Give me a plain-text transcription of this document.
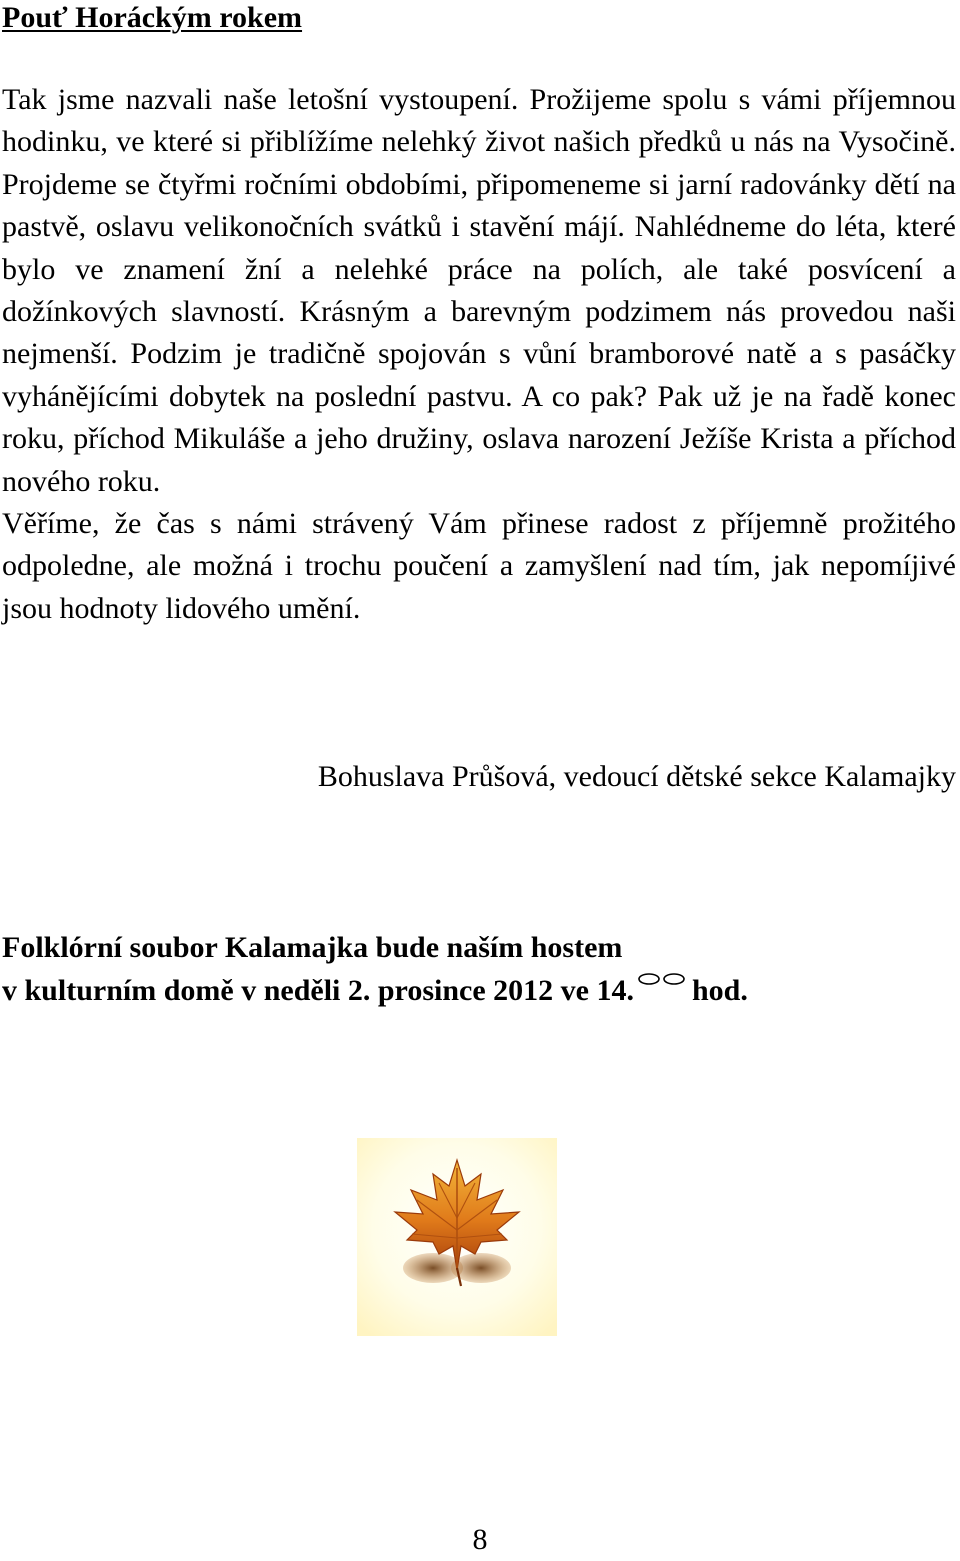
Pouť Horáckým rokem

Tak jsme nazvali naše letošní vystoupení. Prožijeme spolu s vámi příjemnou hodinku, ve které si přiblížíme nelehký život našich předků u nás na Vysočině. Projdeme se čtyřmi ročními obdobími, připomeneme si jarní radovánky dětí na pastvě, oslavu velikonočních svátků i stavění májí. Nahlédneme do léta, které bylo ve znamení žní a nelehké práce na polích, ale také posvícení a dožínkových slavností. Krásným a barevným podzimem nás provedou naši nejmenší. Podzim je tradičně spojován s vůní bramborové natě a s pasáčky vyhánějícími dobytek na poslední pastvu. A co pak? Pak už je na řadě konec roku, příchod Mikuláše a jeho družiny, oslava narození Ježíše Krista a příchod nového roku.

Věříme, že čas s námi strávený Vám přinese radost z příjemně prožitého odpoledne, ale možná i trochu poučení a zamyšlení nad tím, jak nepomíjivé jsou hodnoty lidového umění.

Bohuslava Průšová, vedoucí dětské sekce Kalamajky

Folklórní soubor Kalamajka bude naším hostem
v kulturním domě v neděli 2. prosince 2012 ve 14. hod.

8
